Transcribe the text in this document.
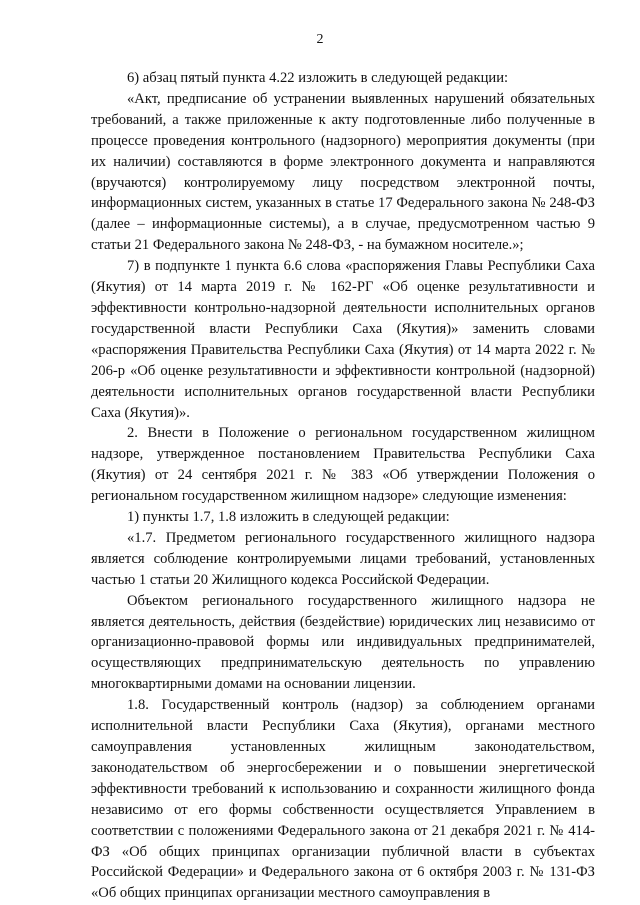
2

6) абзац пятый пункта 4.22 изложить в следующей редакции:

«Акт, предписание об устранении выявленных нарушений обязательных требований, а также приложенные к акту подготовленные либо полученные в процессе проведения контрольного (надзорного) мероприятия документы (при их наличии) составляются в форме электронного документа и направляются (вручаются) контролируемому лицу посредством электронной почты, информационных систем, указанных в статье 17 Федерального закона № 248-ФЗ (далее – информационные системы), а в случае, предусмотренном частью 9 статьи 21 Федерального закона № 248-ФЗ, - на бумажном носителе.»;

7) в подпункте 1 пункта 6.6 слова «распоряжения Главы Республики Саха (Якутия) от 14 марта 2019 г. № 162-РГ «Об оценке результативности и эффективности контрольно-надзорной деятельности исполнительных органов государственной власти Республики Саха (Якутия)» заменить словами «распоряжения Правительства Республики Саха (Якутия) от 14 марта 2022 г. № 206-р «Об оценке результативности и эффективности контрольной (надзорной) деятельности исполнительных органов государственной власти Республики Саха (Якутия)».

2. Внести в Положение о региональном государственном жилищном надзоре, утвержденное постановлением Правительства Республики Саха (Якутия) от 24 сентября 2021 г. № 383 «Об утверждении Положения о региональном государственном жилищном надзоре» следующие изменения:

1) пункты 1.7, 1.8 изложить в следующей редакции:

«1.7. Предметом регионального государственного жилищного надзора является соблюдение контролируемыми лицами требований, установленных частью 1 статьи 20 Жилищного кодекса Российской Федерации.

Объектом регионального государственного жилищного надзора не является деятельность, действия (бездействие) юридических лиц независимо от организационно-правовой формы или индивидуальных предпринимателей, осуществляющих предпринимательскую деятельность по управлению многоквартирными домами на основании лицензии.

1.8. Государственный контроль (надзор) за соблюдением органами исполнительной власти Республики Саха (Якутия), органами местного самоуправления установленных жилищным законодательством, законодательством об энергосбережении и о повышении энергетической эффективности требований к использованию и сохранности жилищного фонда независимо от его формы собственности осуществляется Управлением в соответствии с положениями Федерального закона от 21 декабря 2021 г. № 414-ФЗ «Об общих принципах организации публичной власти в субъектах Российской Федерации» и Федерального закона от 6 октября 2003 г. № 131-ФЗ «Об общих принципах организации местного самоуправления в
